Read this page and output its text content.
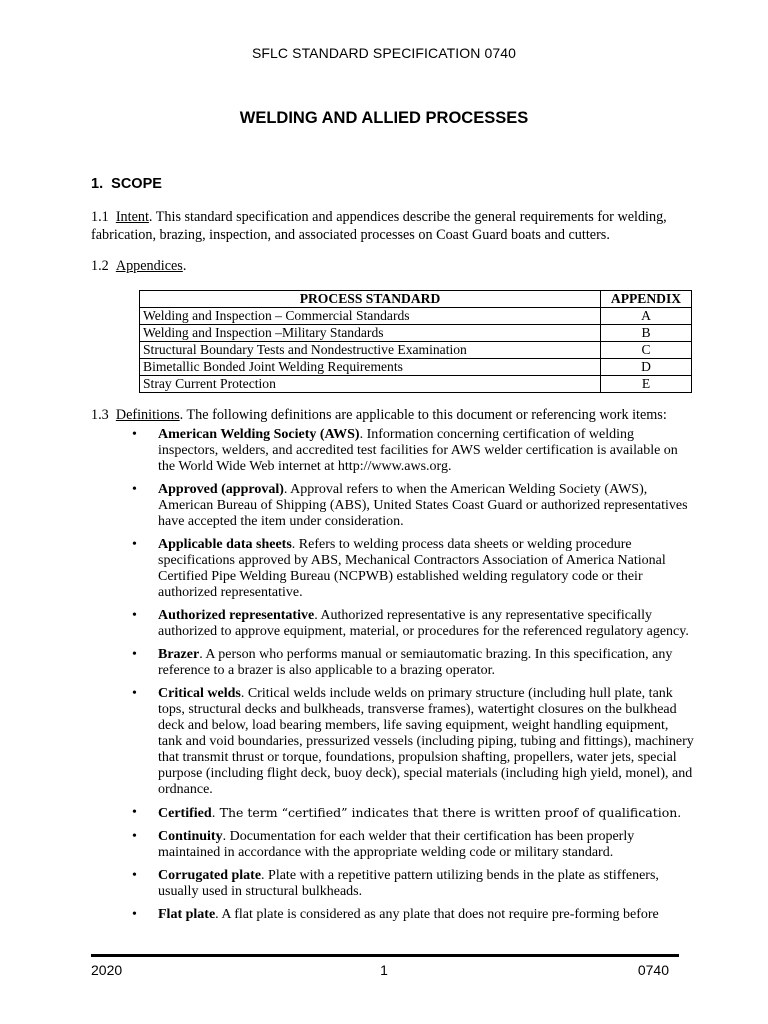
SFLC STANDARD SPECIFICATION 0740
WELDING AND ALLIED PROCESSES
1. SCOPE
1.1 Intent. This standard specification and appendices describe the general requirements for welding, fabrication, brazing, inspection, and associated processes on Coast Guard boats and cutters.
1.2 Appendices.
PROCESS STANDARD	APPENDIX
Welding and Inspection – Commercial Standards	A
Welding and Inspection –Military Standards	B
Structural Boundary Tests and Nondestructive Examination	C
Bimetallic Bonded Joint Welding Requirements	D
Stray Current Protection	E
1.3 Definitions. The following definitions are applicable to this document or referencing work items:
• American Welding Society (AWS). Information concerning certification of welding inspectors, welders, and accredited test facilities for AWS welder certification is available on the World Wide Web internet at http://www.aws.org.
• Approved (approval). Approval refers to when the American Welding Society (AWS), American Bureau of Shipping (ABS), United States Coast Guard or authorized representatives have accepted the item under consideration.
• Applicable data sheets. Refers to welding process data sheets or welding procedure specifications approved by ABS, Mechanical Contractors Association of America National Certified Pipe Welding Bureau (NCPWB) established welding regulatory code or their authorized representative.
• Authorized representative. Authorized representative is any representative specifically authorized to approve equipment, material, or procedures for the referenced regulatory agency.
• Brazer. A person who performs manual or semiautomatic brazing. In this specification, any reference to a brazer is also applicable to a brazing operator.
• Critical welds. Critical welds include welds on primary structure (including hull plate, tank tops, structural decks and bulkheads, transverse frames), watertight closures on the bulkhead deck and below, load bearing members, life saving equipment, weight handling equipment, tank and void boundaries, pressurized vessels (including piping, tubing and fittings), machinery that transmit thrust or torque, foundations, propulsion shafting, propellers, water jets, special purpose (including flight deck, buoy deck), special materials (including high yield, monel), and ordnance.
• Certified. The term “certified” indicates that there is written proof of qualification.
• Continuity. Documentation for each welder that their certification has been properly maintained in accordance with the appropriate welding code or military standard.
• Corrugated plate. Plate with a repetitive pattern utilizing bends in the plate as stiffeners, usually used in structural bulkheads.
• Flat plate. A flat plate is considered as any plate that does not require pre-forming before
2020	1	0740
